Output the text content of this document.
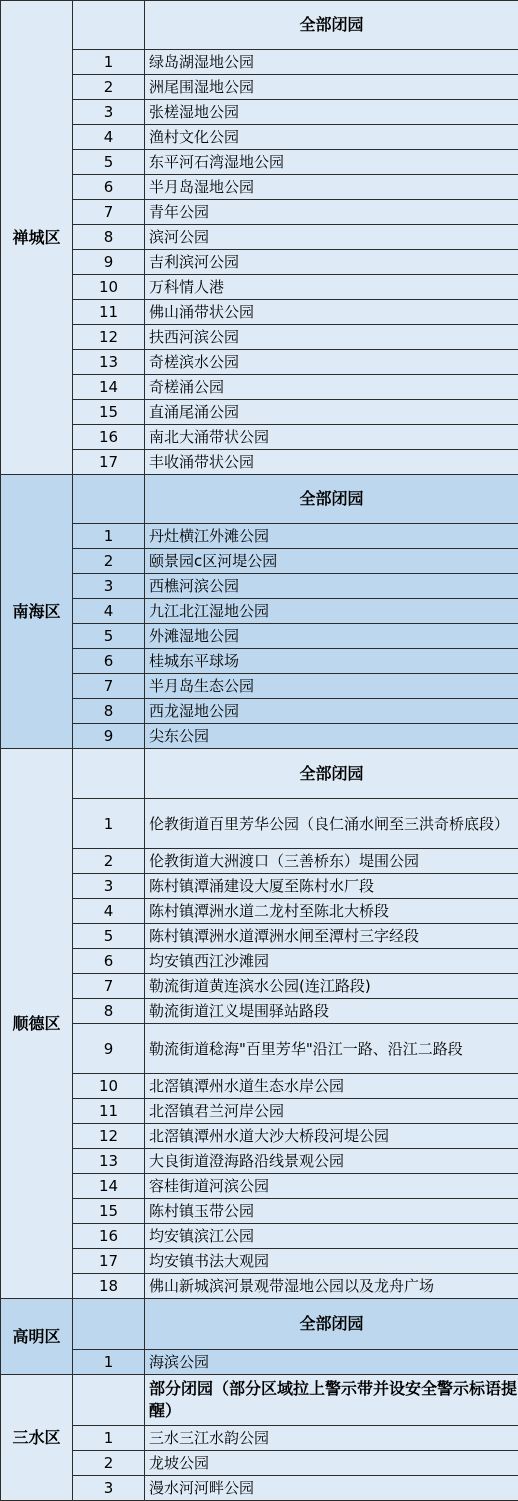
禅城区		全部闭园
	1	绿岛湖湿地公园
	2	洲尾围湿地公园
	3	张槎湿地公园
	4	渔村文化公园
	5	东平河石湾湿地公园
	6	半月岛湿地公园
	7	青年公园
	8	滨河公园
	9	吉利滨河公园
	10	万科情人港
	11	佛山涌带状公园
	12	扶西河滨公园
	13	奇槎滨水公园
	14	奇槎涌公园
	15	直涌尾涌公园
	16	南北大涌带状公园
	17	丰收涌带状公园
南海区		全部闭园
	1	丹灶横江外滩公园
	2	颐景园c区河堤公园
	3	西樵河滨公园
	4	九江北江湿地公园
	5	外滩湿地公园
	6	桂城东平球场
	7	半月岛生态公园
	8	西龙湿地公园
	9	尖东公园
顺德区		全部闭园
	1	伦教街道百里芳华公园（良仁涌水闸至三洪奇桥底段）
	2	伦教街道大洲渡口（三善桥东）堤围公园
	3	陈村镇潭涌建设大厦至陈村水厂段
	4	陈村镇潭洲水道二龙村至陈北大桥段
	5	陈村镇潭洲水道潭洲水闸至潭村三字经段
	6	均安镇西江沙滩园
	7	勒流街道黄连滨水公园(连江路段)
	8	勒流街道江义堤围驿站路段
	9	勒流街道稔海"百里芳华"沿江一路、沿江二路段
	10	北滘镇潭州水道生态水岸公园
	11	北滘镇君兰河岸公园
	12	北滘镇潭州水道大沙大桥段河堤公园
	13	大良街道澄海路沿线景观公园
	14	容桂街道河滨公园
	15	陈村镇玉带公园
	16	均安镇滨江公园
	17	均安镇书法大观园
	18	佛山新城滨河景观带湿地公园以及龙舟广场
高明区		全部闭园
	1	海滨公园
三水区		部分闭园（部分区域拉上警示带并设安全警示标语提醒）
	1	三水三江水韵公园
	2	龙坡公园
	3	漫水河河畔公园
